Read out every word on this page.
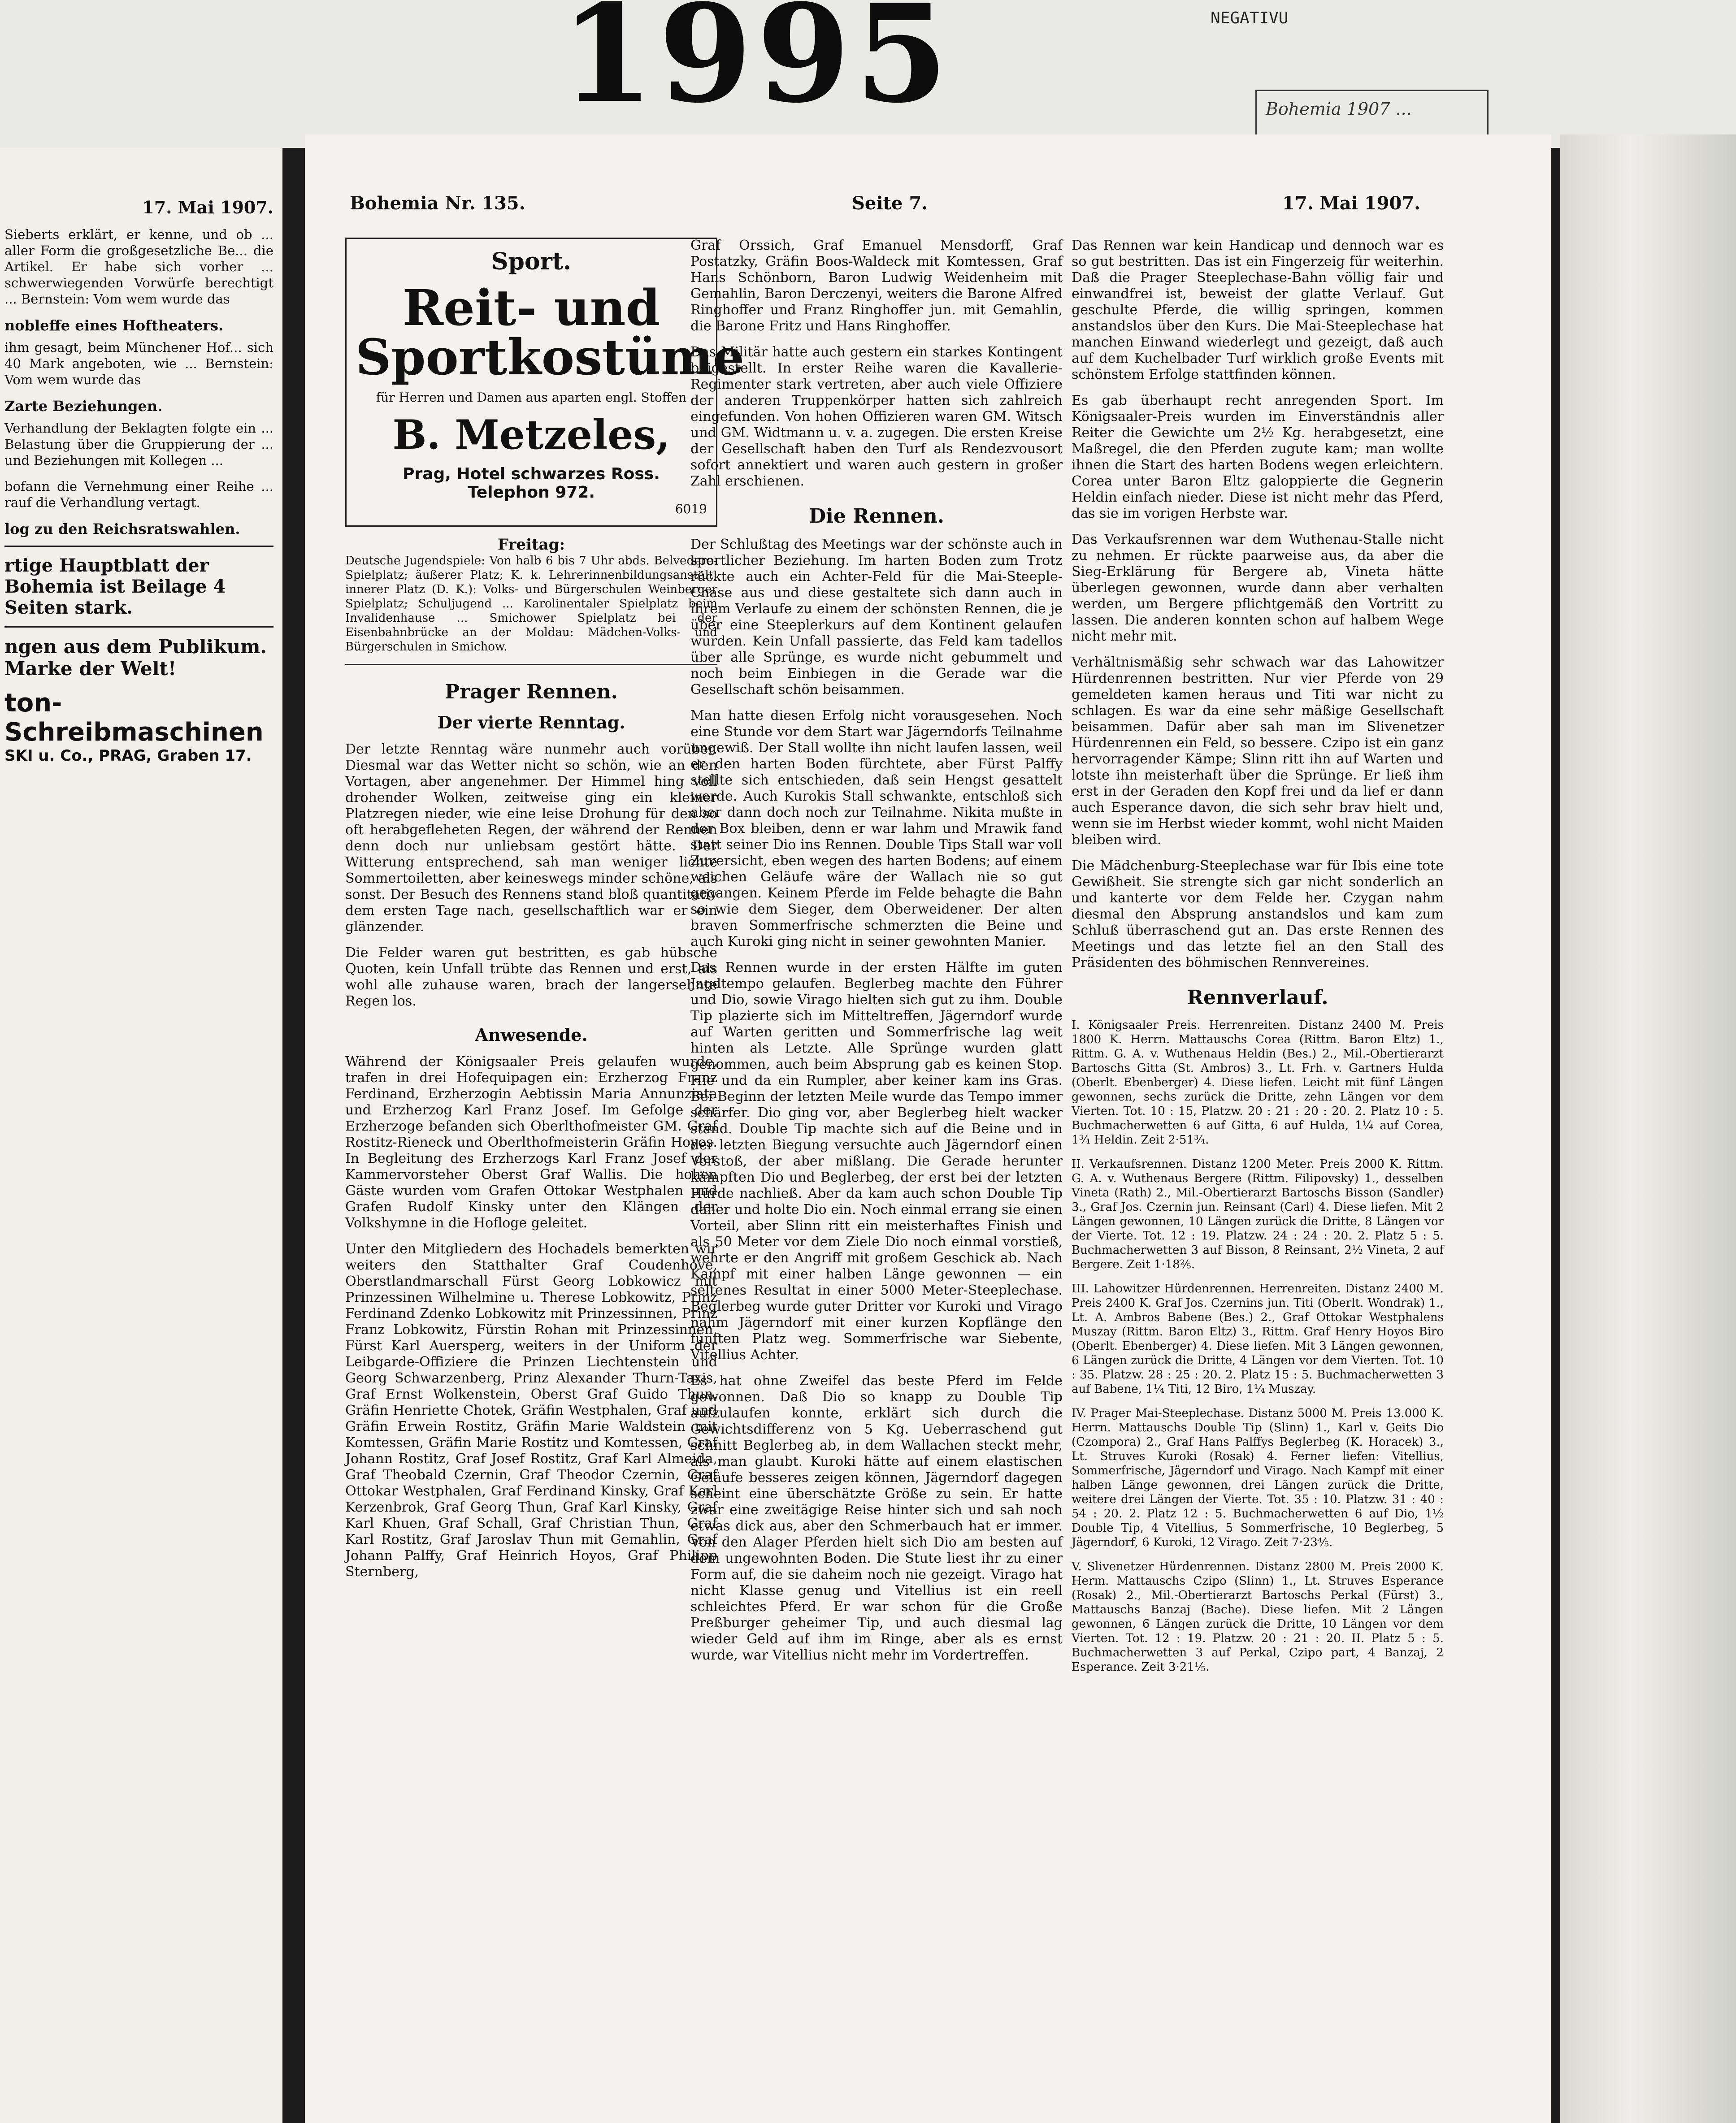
1995	NEGATIVU
Bohemia 1907 ...
17. Mai 1907.

Sieberts erklärt, er kenne, und ob ... aller Form die großgesetzliche Be... die Artikel. Er habe sich vorher ... schwerwiegenden Vorwürfe berechtigt ... Bernstein: Vom wem wurde das

nobleffe eines Hoftheaters.

ihm gesagt, beim Münchener Hof... sich 40 Mark angeboten, wie ... Bernstein: Vom wem wurde das

Zarte Beziehungen.

Verhandlung der Beklagten folgte ein ... Belastung über die Gruppierung der ... und Beziehungen mit Kollegen ...

bofann die Vernehmung einer Reihe ... rauf die Verhandlung vertagt.

log zu den Reichsratswahlen.
rtige Hauptblatt der Bohemia ist Beilage 4 Seiten stark.
ngen aus dem Publikum. Marke der Welt!
ton-Schreibmaschinen
SKI u. Co., PRAG, Graben 17.
Bohemia Nr. 135.	Seite 7.	17. Mai 1907.
Sport.
Reit- und Sportkostüme
für Herren und Damen aus aparten engl. Stoffen
B. Metzeles,
Prag, Hotel schwarzes Ross.
Telephon 972.
6019
Freitag:

Deutsche Jugendspiele: Von halb 6 bis 7 Uhr abds. Belvedere-Spielplatz; äußerer Platz; K. k. Lehrerinnenbildungsanstalt; innerer Platz (D. K.): Volks- und Bürgerschulen Weinberger Spielplatz; Schuljugend ... Karolinentaler Spielplatz beim Invalidenhause ... Smichower Spielplatz bei der Eisenbahnbrücke an der Moldau: Mädchen-Volks- und Bürgerschulen in Smichow.

Prager Rennen.
Der vierte Renntag.

Der letzte Renntag wäre nunmehr auch vorüber. Diesmal war das Wetter nicht so schön, wie an den Vortagen, aber angenehmer. Der Himmel hing voll drohender Wolken, zeitweise ging ein kleiner Platzregen nieder, wie eine leise Drohung für den so oft herabgefleheten Regen, der während der Rennen denn doch nur unliebsam gestört hätte. Der Witterung entsprechend, sah man weniger lichte Sommertoiletten, aber keineswegs minder schöne, als sonst. Der Besuch des Rennens stand bloß quantitativ dem ersten Tage nach, gesellschaftlich war er ein glänzender.

Die Felder waren gut bestritten, es gab hübsche Quoten, kein Unfall trübte das Rennen und erst, als wohl alle zuhause waren, brach der langersehnte Regen los.

Anwesende.

Während der Königsaaler Preis gelaufen wurde, trafen in drei Hofequipagen ein: Erzherzog Franz Ferdinand, Erzherzogin Aebtissin Maria Annunziata und Erzherzog Karl Franz Josef. Im Gefolge der Erzherzoge befanden sich Oberlthofmeister GM. Graf Rostitz-Rieneck und Oberlthofmeisterin Gräfin Hoyos. In Begleitung des Erzherzogs Karl Franz Josef der Kammervorsteher Oberst Graf Wallis. Die hohen Gäste wurden vom Grafen Ottokar Westphalen und Grafen Rudolf Kinsky unter den Klängen der Volkshymne in die Hofloge geleitet.

Unter den Mitgliedern des Hochadels bemerkten wir weiters den Statthalter Graf Coudenhove, Oberstlandmarschall Fürst Georg Lobkowicz mit Prinzessinen Wilhelmine u. Therese Lobkowitz, Prinz Ferdinand Zdenko Lobkowitz mit Prinzessinnen, Prinz Franz Lobkowitz, Fürstin Rohan mit Prinzessinnen, Fürst Karl Auersperg, weiters in der Uniform der Leibgarde-Offiziere die Prinzen Liechtenstein und Georg Schwarzenberg, Prinz Alexander Thurn-Taxis, Graf Ernst Wolkenstein, Oberst Graf Guido Thun, Gräfin Henriette Chotek, Gräfin Westphalen, Graf und Gräfin Erwein Rostitz, Gräfin Marie Waldstein mit Komtessen, Gräfin Marie Rostitz und Komtessen, Graf Johann Rostitz, Graf Josef Rostitz, Graf Karl Almeida, Graf Theobald Czernin, Graf Theodor Czernin, Graf Ottokar Westphalen, Graf Ferdinand Kinsky, Graf Karl Kerzenbrok, Graf Georg Thun, Graf Karl Kinsky, Graf Karl Khuen, Graf Schall, Graf Christian Thun, Graf Karl Rostitz, Graf Jaroslav Thun mit Gemahlin, Graf Johann Palffy, Graf Heinrich Hoyos, Graf Philipp Sternberg,

Graf Orssich, Graf Emanuel Mensdorff, Graf Postatzky, Gräfin Boos-Waldeck mit Komtessen, Graf Hans Schönborn, Baron Ludwig Weidenheim mit Gemahlin, Baron Derczenyi, weiters die Barone Alfred Ringhoffer und Franz Ringhoffer jun. mit Gemahlin, die Barone Fritz und Hans Ringhoffer.

Das Militär hatte auch gestern ein starkes Kontingent beigestellt. In erster Reihe waren die Kavallerie-Regimenter stark vertreten, aber auch viele Offiziere der anderen Truppenkörper hatten sich zahlreich eingefunden. Von hohen Offizieren waren GM. Witsch und GM. Widtmann u. v. a. zugegen. Die ersten Kreise der Gesellschaft haben den Turf als Rendezvousort sofort annektiert und waren auch gestern in großer Zahl erschienen.

Die Rennen.

Der Schlußtag des Meetings war der schönste auch in sportlicher Beziehung. Im harten Boden zum Trotz rückte auch ein Achter-Feld für die Mai-Steeple-Chase aus und diese gestaltete sich dann auch in ihrem Verlaufe zu einem der schönsten Rennen, die je über eine Steeplerkurs auf dem Kontinent gelaufen wurden. Kein Unfall passierte, das Feld kam tadellos über alle Sprünge, es wurde nicht gebummelt und noch beim Einbiegen in die Gerade war die Gesellschaft schön beisammen.

Man hatte diesen Erfolg nicht vorausgesehen. Noch eine Stunde vor dem Start war Jägerndorfs Teilnahme ungewiß. Der Stall wollte ihn nicht laufen lassen, weil er den harten Boden fürchtete, aber Fürst Palffy stellte sich entschieden, daß sein Hengst gesattelt werde. Auch Kurokis Stall schwankte, entschloß sich aber dann doch noch zur Teilnahme. Nikita mußte in der Box bleiben, denn er war lahm und Mrawik fand statt seiner Dio ins Rennen. Double Tips Stall war voll Zuversicht, eben wegen des harten Bodens; auf einem weichen Geläufe wäre der Wallach nie so gut gegangen. Keinem Pferde im Felde behagte die Bahn so wie dem Sieger, dem Oberweidener. Der alten braven Sommerfrische schmerzten die Beine und auch Kuroki ging nicht in seiner gewohnten Manier.

Das Rennen wurde in der ersten Hälfte im guten Jagdtempo gelaufen. Beglerbeg machte den Führer und Dio, sowie Virago hielten sich gut zu ihm. Double Tip plazierte sich im Mitteltreffen, Jägerndorf wurde auf Warten geritten und Sommerfrische lag weit hinten als Letzte. Alle Sprünge wurden glatt genommen, auch beim Absprung gab es keinen Stop. Hie und da ein Rumpler, aber keiner kam ins Gras. Bei Beginn der letzten Meile wurde das Tempo immer schärfer. Dio ging vor, aber Beglerbeg hielt wacker stand. Double Tip machte sich auf die Beine und in der letzten Biegung versuchte auch Jägerndorf einen Vorstoß, der aber mißlang. Die Gerade herunter kämpften Dio und Beglerbeg, der erst bei der letzten Hürde nachließ. Aber da kam auch schon Double Tip daher und holte Dio ein. Noch einmal errang sie einen Vorteil, aber Slinn ritt ein meisterhaftes Finish und als 50 Meter vor dem Ziele Dio noch einmal vorstieß, wehrte er den Angriff mit großem Geschick ab. Nach Kampf mit einer halben Länge gewonnen — ein seltenes Resultat in einer 5000 Meter-Steeplechase. Beglerbeg wurde guter Dritter vor Kuroki und Virago nahm Jägerndorf mit einer kurzen Kopflänge den fünften Platz weg. Sommerfrische war Siebente, Vitellius Achter.

Es hat ohne Zweifel das beste Pferd im Felde gewonnen. Daß Dio so knapp zu Double Tip aufzulaufen konnte, erklärt sich durch die Gewichtsdifferenz von 5 Kg. Ueberraschend gut schnitt Beglerbeg ab, in dem Wallachen steckt mehr, als man glaubt. Kuroki hätte auf einem elastischen Geläufe besseres zeigen können, Jägerndorf dagegen scheint eine überschätzte Größe zu sein. Er hatte zwar eine zweitägige Reise hinter sich und sah noch etwas dick aus, aber den Schmerbauch hat er immer. Von den Alager Pferden hielt sich Dio am besten auf dem ungewohnten Boden. Die Stute liest ihr zu einer Form auf, die sie daheim noch nie gezeigt. Virago hat nicht Klasse genug und Vitellius ist ein reell schleichtes Pferd. Er war schon für die Große Preßburger geheimer Tip, und auch diesmal lag wieder Geld auf ihm im Ringe, aber als es ernst wurde, war Vitellius nicht mehr im Vordertreffen.

Das Rennen war kein Handicap und dennoch war es so gut bestritten. Das ist ein Fingerzeig für weiterhin. Daß die Prager Steeplechase-Bahn völlig fair und einwandfrei ist, beweist der glatte Verlauf. Gut geschulte Pferde, die willig springen, kommen anstandslos über den Kurs. Die Mai-Steeplechase hat manchen Einwand wiederlegt und gezeigt, daß auch auf dem Kuchelbader Turf wirklich große Events mit schönstem Erfolge stattfinden können.

Es gab überhaupt recht anregenden Sport. Im Königsaaler-Preis wurden im Einverständnis aller Reiter die Gewichte um 2½ Kg. herabgesetzt, eine Maßregel, die den Pferden zugute kam; man wollte ihnen die Start des harten Bodens wegen erleichtern. Corea unter Baron Eltz galoppierte die Gegnerin Heldin einfach nieder. Diese ist nicht mehr das Pferd, das sie im vorigen Herbste war.

Das Verkaufsrennen war dem Wuthenau-Stalle nicht zu nehmen. Er rückte paarweise aus, da aber die Sieg-Erklärung für Bergere ab, Vineta hätte überlegen gewonnen, wurde dann aber verhalten werden, um Bergere pflichtgemäß den Vortritt zu lassen. Die anderen konnten schon auf halbem Wege nicht mehr mit.

Verhältnismäßig sehr schwach war das Lahowitzer Hürdenrennen bestritten. Nur vier Pferde von 29 gemeldeten kamen heraus und Titi war nicht zu schlagen. Es war da eine sehr mäßige Gesellschaft beisammen. Dafür aber sah man im Slivenetzer Hürdenrennen ein Feld, so bessere. Czipo ist ein ganz hervorragender Kämpe; Slinn ritt ihn auf Warten und lotste ihn meisterhaft über die Sprünge. Er ließ ihm erst in der Geraden den Kopf frei und da lief er dann auch Esperance davon, die sich sehr brav hielt und, wenn sie im Herbst wieder kommt, wohl nicht Maiden bleiben wird.

Die Mädchenburg-Steeplechase war für Ibis eine tote Gewißheit. Sie strengte sich gar nicht sonderlich an und kanterte vor dem Felde her. Czygan nahm diesmal den Absprung anstandslos und kam zum Schluß überraschend gut an. Das erste Rennen des Meetings und das letzte fiel an den Stall des Präsidenten des böhmischen Rennvereines.

Rennverlauf.

I. Königsaaler Preis. Herrenreiten. Distanz 2400 M. Preis 1800 K. Herrn. Mattauschs Corea (Rittm. Baron Eltz) 1., Rittm. G. A. v. Wuthenaus Heldin (Bes.) 2., Mil.-Obertierarzt Bartoschs Gitta (St. Ambros) 3., Lt. Frh. v. Gartners Hulda (Oberlt. Ebenberger) 4. Diese liefen. Leicht mit fünf Längen gewonnen, sechs zurück die Dritte, zehn Längen vor dem Vierten. Tot. 10 : 15, Platzw. 20 : 21 : 20 : 20. 2. Platz 10 : 5. Buchmacherwetten 6 auf Gitta, 6 auf Hulda, 1¼ auf Corea, 1¾ Heldin. Zeit 2·51¾.

II. Verkaufsrennen. Distanz 1200 Meter. Preis 2000 K. Rittm. G. A. v. Wuthenaus Bergere (Rittm. Filipovsky) 1., desselben Vineta (Rath) 2., Mil.-Obertierarzt Bartoschs Bisson (Sandler) 3., Graf Jos. Czernin jun. Reinsant (Carl) 4. Diese liefen. Mit 2 Längen gewonnen, 10 Längen zurück die Dritte, 8 Längen vor der Vierte. Tot. 12 : 19. Platzw. 24 : 24 : 20. 2. Platz 5 : 5. Buchmacherwetten 3 auf Bisson, 8 Reinsant, 2½ Vineta, 2 auf Bergere. Zeit 1·18⅖.

III. Lahowitzer Hürdenrennen. Herrenreiten. Distanz 2400 M. Preis 2400 K. Graf Jos. Czernins jun. Titi (Oberlt. Wondrak) 1., Lt. A. Ambros Babene (Bes.) 2., Graf Ottokar Westphalens Muszay (Rittm. Baron Eltz) 3., Rittm. Graf Henry Hoyos Biro (Oberlt. Ebenberger) 4. Diese liefen. Mit 3 Längen gewonnen, 6 Längen zurück die Dritte, 4 Längen vor dem Vierten. Tot. 10 : 35. Platzw. 28 : 25 : 20. 2. Platz 15 : 5. Buchmacherwetten 3 auf Babene, 1¼ Titi, 12 Biro, 1¼ Muszay.

IV. Prager Mai-Steeplechase. Distanz 5000 M. Preis 13.000 K. Herrn. Mattauschs Double Tip (Slinn) 1., Karl v. Geits Dio (Czompora) 2., Graf Hans Palffys Beglerbeg (K. Horacek) 3., Lt. Struves Kuroki (Rosak) 4. Ferner liefen: Vitellius, Sommerfrische, Jägerndorf und Virago. Nach Kampf mit einer halben Länge gewonnen, drei Längen zurück die Dritte, weitere drei Längen der Vierte. Tot. 35 : 10. Platzw. 31 : 40 : 54 : 20. 2. Platz 12 : 5. Buchmacherwetten 6 auf Dio, 1½ Double Tip, 4 Vitellius, 5 Sommerfrische, 10 Beglerbeg, 5 Jägerndorf, 6 Kuroki, 12 Virago. Zeit 7·23⅘.

V. Slivenetzer Hürdenrennen. Distanz 2800 M. Preis 2000 K. Herm. Mattauschs Czipo (Slinn) 1., Lt. Struves Esperance (Rosak) 2., Mil.-Obertierarzt Bartoschs Perkal (Fürst) 3., Mattauschs Banzaj (Bache). Diese liefen. Mit 2 Längen gewonnen, 6 Längen zurück die Dritte, 10 Längen vor dem Vierten. Tot. 12 : 19. Platzw. 20 : 21 : 20. II. Platz 5 : 5. Buchmacherwetten 3 auf Perkal, Czipo part, 4 Banzaj, 2 Esperance. Zeit 3·21⅕.
